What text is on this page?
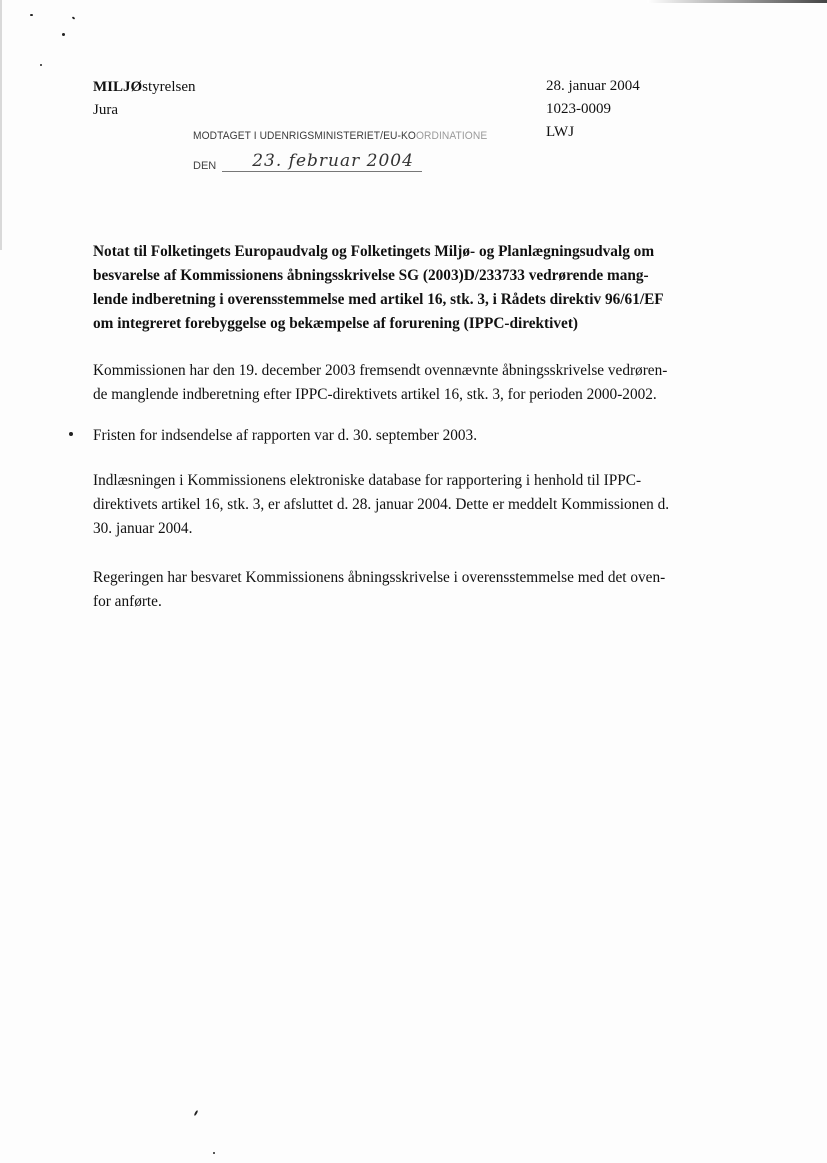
MILJØstyrelsen
Jura
28. januar 2004
1023-0009
LWJ
MODTAGET I UDENRIGSMINISTERIET/EU-KOORDINATIONE
DEN 23. februar 2004

Notat til Folketingets Europaudvalg og Folketingets Miljø- og Planlægningsudvalg om

besvarelse af Kommissionens åbningsskrivelse SG (2003)D/233733 vedrørende mang-

lende indberetning i overensstemmelse med artikel 16, stk. 3, i Rådets direktiv 96/61/EF

om integreret forebyggelse og bekæmpelse af forurening (IPPC-direktivet)

Kommissionen har den 19. december 2003 fremsendt ovennævnte åbningsskrivelse vedrøren-

de manglende indberetning efter IPPC-direktivets artikel 16, stk. 3, for perioden 2000-2002.

Fristen for indsendelse af rapporten var d. 30. september 2003.

Indlæsningen i Kommissionens elektroniske database for rapportering i henhold til IPPC-

direktivets artikel 16, stk. 3, er afsluttet d. 28. januar 2004. Dette er meddelt Kommissionen d.

30. januar 2004.

Regeringen har besvaret Kommissionens åbningsskrivelse i overensstemmelse med det oven-

for anførte.
